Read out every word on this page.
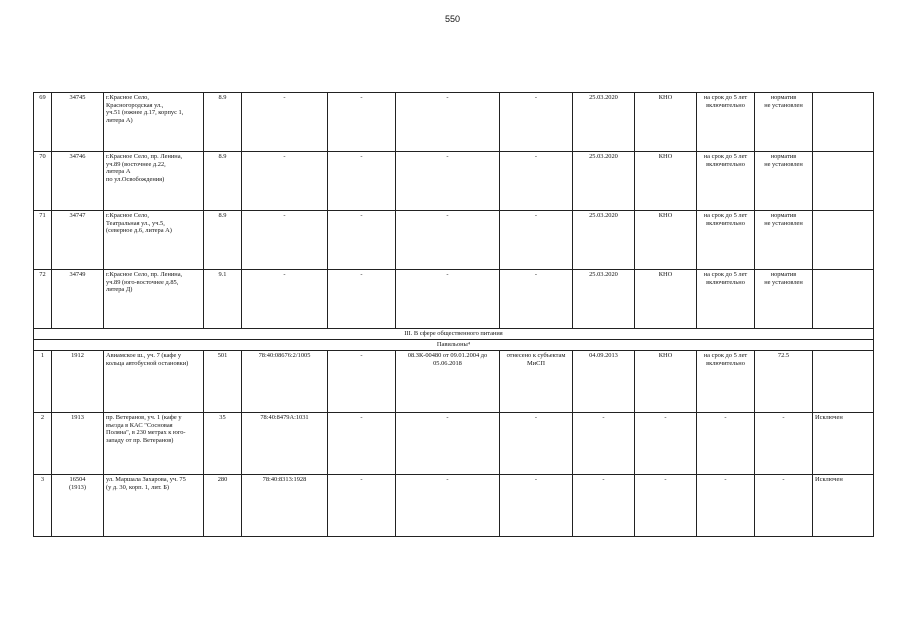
550
69	34745	г.Красное Село,
Красногородская ул.,
уч.51 (южнее д.17, корпус 1,
литера А)	8.9	-	-	-	-	25.03.2020	КНО	на срок до 5 лет
включительно	норматив
не установлен	
70	34746	г.Красное Село, пр. Ленина,
уч.89 (восточнее д.22,
литера А
по ул.Освобождения)	8.9	-	-	-	-	25.03.2020	КНО	на срок до 5 лет
включительно	норматив
не установлен	
71	34747	г.Красное Село,
Театральная ул., уч.5,
(северное д.6, литера А)	8.9	-	-	-	-	25.03.2020	КНО	на срок до 5 лет
включительно	норматив
не установлен	
72	34749	г.Красное Село, пр. Ленина,
уч.89 (юго-восточнее д.85,
литера Д)	9.1	-	-	-	-	25.03.2020	КНО	на срок до 5 лет
включительно	норматив
не установлен	
III. В сфере общественного питания												
Павильоны⁴												
1	1912	Авиамское ш., уч. 7 (кафе у
кольца автобусной остановки)	501	78:40:08676:2/1005	-	08.ЗК-00480 от 09.01.2004 до
05.06.2018	отнесено к субъектам
МиСП	04.09.2013	КНО	на срок до 5 лет
включительно	72.5	
2	1913	пр. Ветеранов, уч. 1 (кафе у
въезда в КАС "Сосновая
Поляна", в 230 метрах к юго-
западу от пр. Ветеранов)	35	78:40:8479А:1031	-	-	-	-	-	-	-	Исключен
3	16504
(1913)	ул. Маршала Захарова, уч. 75
(у д. 30, корп. 1, лит. Б)	280	78:40:8313:1928	-	-	-	-	-	-	-	Исключен
